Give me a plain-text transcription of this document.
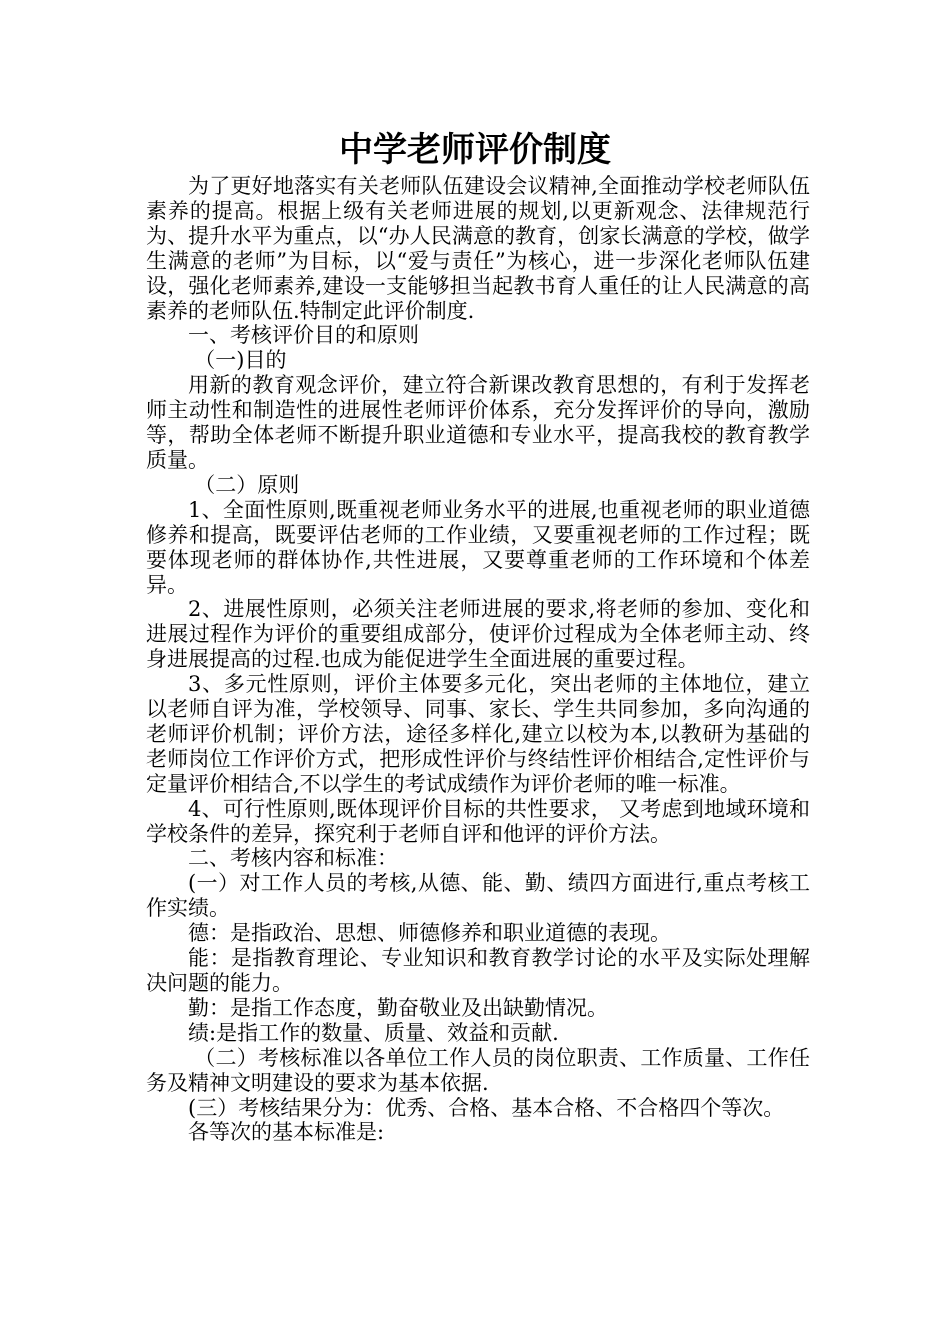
中学老师评价制度

为了更好地落实有关老师队伍建设会议精神,全面推动学校老师队伍素养的提高。根据上级有关老师进展的规划,以更新观念、法律规范行为、提升水平为重点，以“办人民满意的教育，创家长满意的学校，做学生满意的老师”为目标，以“爱与责任”为核心，进一步深化老师队伍建设，强化老师素养,建设一支能够担当起教书育人重任的让人民满意的高素养的老师队伍.特制定此评价制度.

一、考核评价目的和原则

（一)目的

用新的教育观念评价，建立符合新课改教育思想的，有利于发挥老师主动性和制造性的进展性老师评价体系，充分发挥评价的导向，激励等，帮助全体老师不断提升职业道德和专业水平，提高我校的教育教学质量。

（二）原则

1、全面性原则,既重视老师业务水平的进展,也重视老师的职业道德修养和提高，既要评估老师的工作业绩，又要重视老师的工作过程；既要体现老师的群体协作,共性进展，又要尊重老师的工作环境和个体差异。

2、进展性原则，必须关注老师进展的要求,将老师的参加、变化和进展过程作为评价的重要组成部分，使评价过程成为全体老师主动、终身进展提高的过程.也成为能促进学生全面进展的重要过程。

3、多元性原则，评价主体要多元化，突出老师的主体地位，建立以老师自评为准，学校领导、同事、家长、学生共同参加，多向沟通的老师评价机制；评价方法，途径多样化,建立以校为本,以教研为基础的老师岗位工作评价方式，把形成性评价与终结性评价相结合,定性评价与定量评价相结合,不以学生的考试成绩作为评价老师的唯一标准。

4、可行性原则,既体现评价目标的共性要求， 又考虑到地域环境和学校条件的差异，探究利于老师自评和他评的评价方法。

二、考核内容和标准：

(一）对工作人员的考核,从德、能、勤、绩四方面进行,重点考核工作实绩。

德：是指政治、思想、师德修养和职业道德的表现。

能：是指教育理论、专业知识和教育教学讨论的水平及实际处理解决问题的能力。

勤：是指工作态度，勤奋敬业及出缺勤情况。

绩:是指工作的数量、质量、效益和贡献.

（二）考核标准以各单位工作人员的岗位职责、工作质量、工作任务及精神文明建设的要求为基本依据.

(三）考核结果分为：优秀、合格、基本合格、不合格四个等次。

各等次的基本标准是:
